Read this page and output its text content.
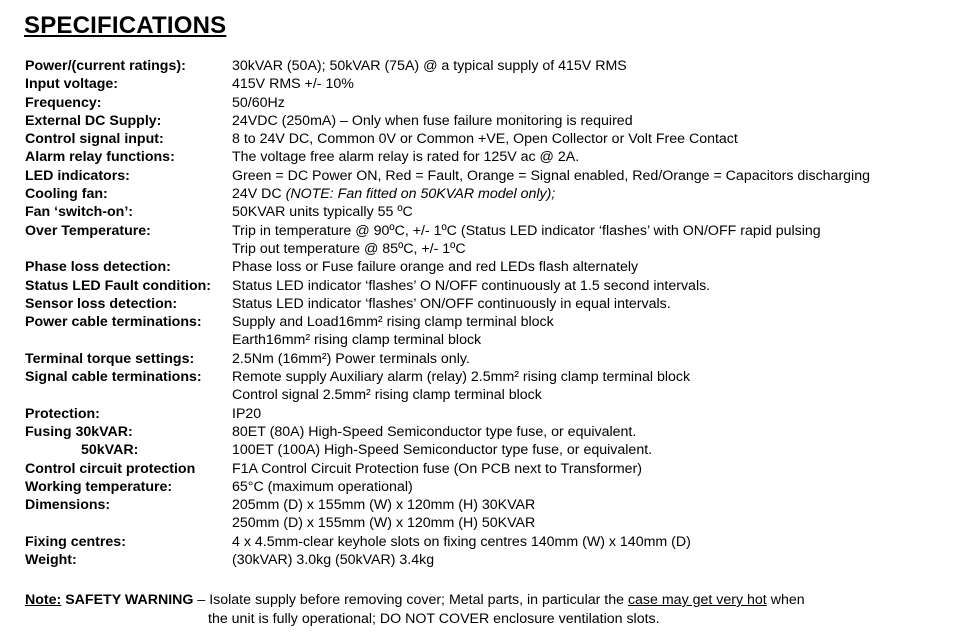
SPECIFICATIONS
Power/(current ratings):	30kVAR (50A); 50kVAR (75A) @ a typical supply of 415V RMS
Input voltage:	415V RMS +/- 10%
Frequency:	50/60Hz
External DC Supply:	24VDC (250mA) – Only when fuse failure monitoring is required
Control signal input:	8 to 24V DC, Common 0V or Common +VE, Open Collector or Volt Free Contact
Alarm relay functions:	The voltage free alarm relay is rated for 125V ac @ 2A.
LED indicators:	Green = DC Power ON, Red = Fault, Orange = Signal enabled, Red/Orange = Capacitors discharging
Cooling fan:	24V DC (NOTE: Fan fitted on 50KVAR model only);
Fan ‘switch-on’:	50KVAR units typically 55 ºC
Over Temperature:	Trip in temperature @ 90ºC, +/- 1ºC (Status LED indicator ‘flashes’ with ON/OFF rapid pulsing
Trip out temperature @ 85ºC, +/- 1ºC
Phase loss detection:	Phase loss or Fuse failure orange and red LEDs flash alternately
Status LED Fault condition:	Status LED indicator ‘flashes’ O N/OFF continuously at 1.5 second intervals.
Sensor loss detection:	Status LED indicator ‘flashes’ ON/OFF continuously in equal intervals.
Power cable terminations:	Supply and Load16mm² rising clamp terminal block
Earth16mm² rising clamp terminal block
Terminal torque settings:	2.5Nm (16mm²) Power terminals only.
Signal cable terminations:	Remote supply Auxiliary alarm (relay) 2.5mm² rising clamp terminal block
Control signal 2.5mm² rising clamp terminal block
Protection:	IP20
Fusing 30kVAR:	80ET (80A) High-Speed Semiconductor type fuse, or equivalent.
50kVAR:	100ET (100A) High-Speed Semiconductor type fuse, or equivalent.
Control circuit protection	F1A Control Circuit Protection fuse (On PCB next to Transformer)
Working temperature:	65°C (maximum operational)
Dimensions:	205mm (D) x 155mm (W) x 120mm (H) 30KVAR
250mm (D) x 155mm (W) x 120mm (H) 50KVAR
Fixing centres:	4 x 4.5mm-clear keyhole slots on fixing centres 140mm (W) x 140mm (D)
Weight:	(30kVAR) 3.0kg (50kVAR) 3.4kg
Note: SAFETY WARNING – Isolate supply before removing cover; Metal parts, in particular the case may get very hot when
the unit is fully operational; DO NOT COVER enclosure ventilation slots.
